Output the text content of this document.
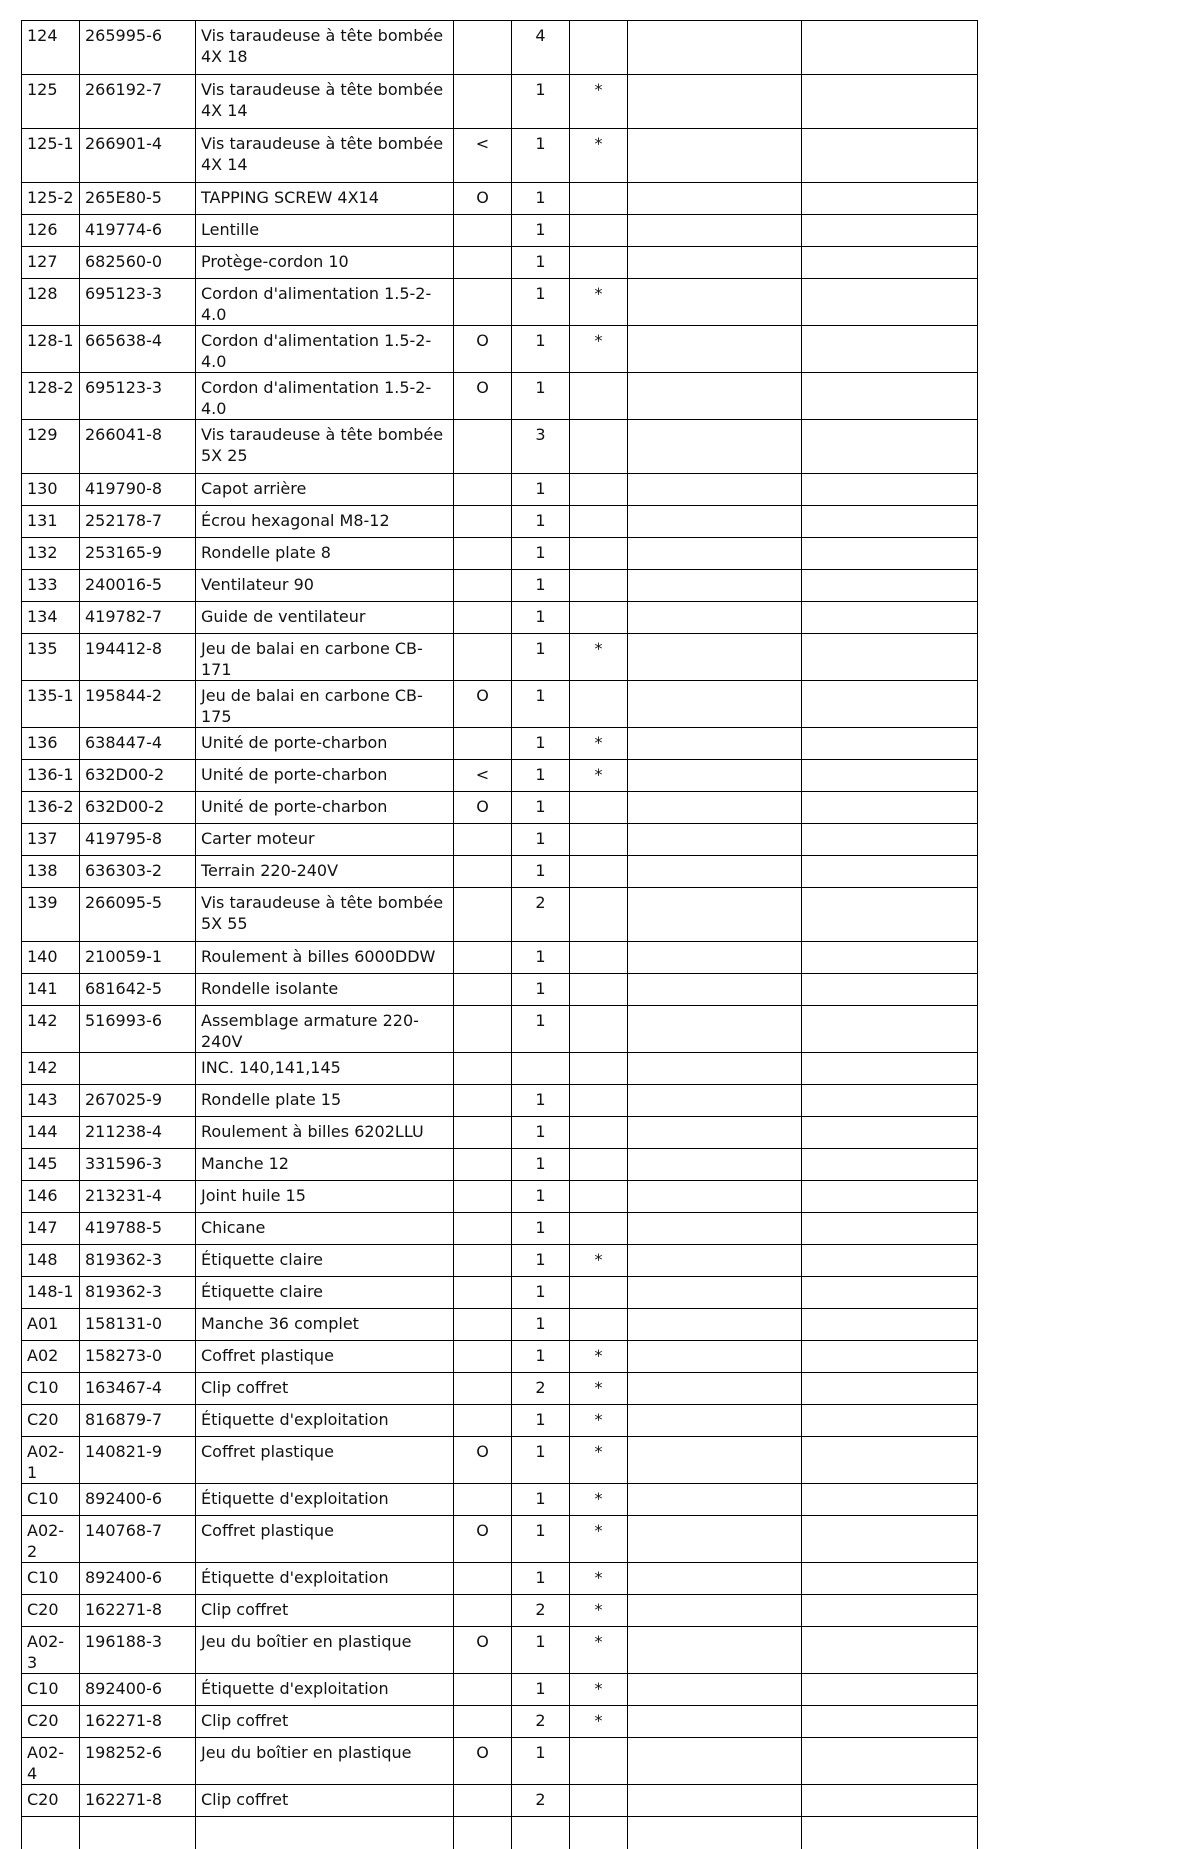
124	265995-6	Vis taraudeuse à tête bombée 4X 18		4			
125	266192-7	Vis taraudeuse à tête bombée 4X 14		1	*		
125-1	266901-4	Vis taraudeuse à tête bombée 4X 14	<	1	*		
125-2	265E80-5	TAPPING SCREW 4X14	O	1			
126	419774-6	Lentille		1			
127	682560-0	Protège-cordon 10		1			
128	695123-3	Cordon d'alimentation 1.5-2-4.0		1	*		
128-1	665638-4	Cordon d'alimentation 1.5-2-4.0	O	1	*		
128-2	695123-3	Cordon d'alimentation 1.5-2-4.0	O	1			
129	266041-8	Vis taraudeuse à tête bombée 5X 25		3			
130	419790-8	Capot arrière		1			
131	252178-7	Écrou hexagonal M8-12		1			
132	253165-9	Rondelle plate 8		1			
133	240016-5	Ventilateur 90		1			
134	419782-7	Guide de ventilateur		1			
135	194412-8	Jeu de balai en carbone CB-171		1	*		
135-1	195844-2	Jeu de balai en carbone CB-175	O	1			
136	638447-4	Unité de porte-charbon		1	*		
136-1	632D00-2	Unité de porte-charbon	<	1	*		
136-2	632D00-2	Unité de porte-charbon	O	1			
137	419795-8	Carter moteur		1			
138	636303-2	Terrain 220-240V		1			
139	266095-5	Vis taraudeuse à tête bombée 5X 55		2			
140	210059-1	Roulement à billes 6000DDW		1			
141	681642-5	Rondelle isolante		1			
142	516993-6	Assemblage armature 220-240V		1			
142		INC. 140,141,145					
143	267025-9	Rondelle plate 15		1			
144	211238-4	Roulement à billes 6202LLU		1			
145	331596-3	Manche 12		1			
146	213231-4	Joint huile 15		1			
147	419788-5	Chicane		1			
148	819362-3	Étiquette claire		1	*		
148-1	819362-3	Étiquette claire		1			
A01	158131-0	Manche 36 complet		1			
A02	158273-0	Coffret plastique		1	*		
C10	163467-4	Clip coffret		2	*		
C20	816879-7	Étiquette d'exploitation		1	*		
A02-1	140821-9	Coffret plastique	O	1	*		
C10	892400-6	Étiquette d'exploitation		1	*		
A02-2	140768-7	Coffret plastique	O	1	*		
C10	892400-6	Étiquette d'exploitation		1	*		
C20	162271-8	Clip coffret		2	*		
A02-3	196188-3	Jeu du boîtier en plastique	O	1	*		
C10	892400-6	Étiquette d'exploitation		1	*		
C20	162271-8	Clip coffret		2	*		
A02-4	198252-6	Jeu du boîtier en plastique	O	1			
C20	162271-8	Clip coffret		2			
